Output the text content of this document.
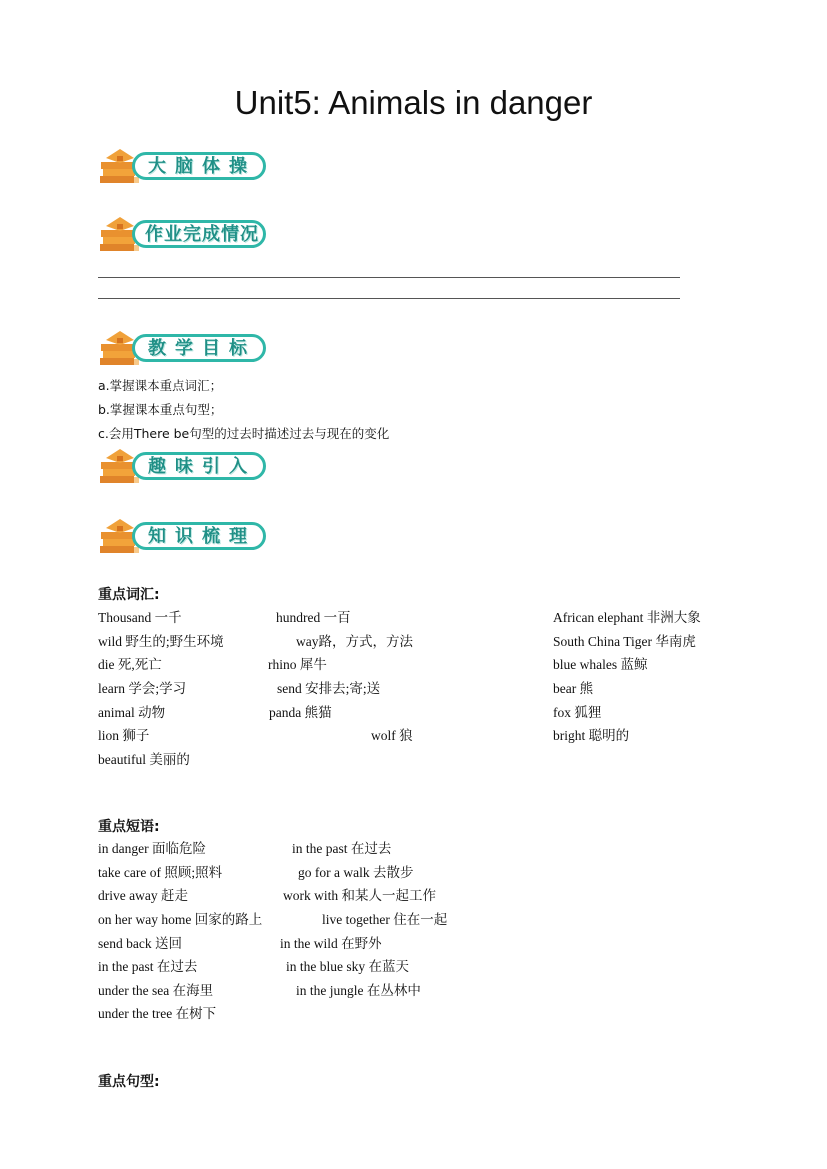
Unit5: Animals in danger
大脑体操
作业完成情况
教学目标
a.掌握课本重点词汇；
b.掌握课本重点句型；
c.会用There be句型的过去时描述过去与现在的变化
趣味引入
知识梳理
重点词汇:
Thousand 一千
wild 野生的;野生环境
die 死,死亡
learn 学会;学习
animal 动物
lion 狮子
beautiful 美丽的
hundred 一百
way路，方式，方法
rhino 犀牛
send 安排去;寄;送
panda 熊猫
wolf 狼
African elephant 非洲大象
South China Tiger 华南虎
blue whales 蓝鲸
bear 熊
fox 狐狸
bright 聪明的
重点短语:
in danger 面临危险
take care of 照顾;照料
drive away 赶走
on her way home 回家的路上
send back 送回
in the past 在过去
under the sea 在海里
under the tree 在树下
in the past 在过去
go for a walk 去散步
work with 和某人一起工作
live together 住在一起
in the wild 在野外
in the blue sky 在蓝天
in the jungle 在丛林中
重点句型:
